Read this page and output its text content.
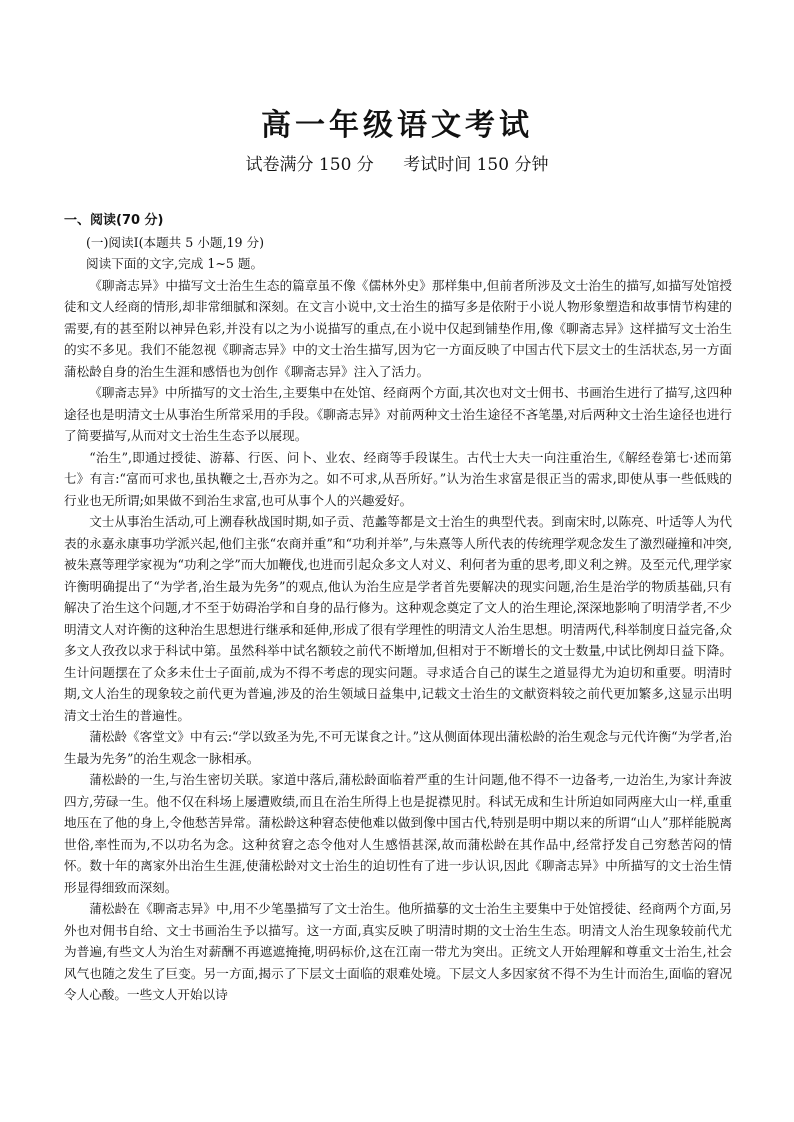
高一年级语文考试

试卷满分 150 分 考试时间 150 分钟

一、阅读(70 分)

(一)阅读Ⅰ(本题共 5 小题,19 分)

阅读下面的文字,完成 1~5 题。

《聊斋志异》中描写文士治生生态的篇章虽不像《儒林外史》那样集中,但前者所涉及文士治生的描写,如描写处馆授徒和文人经商的情形,却非常细腻和深刻。在文言小说中,文士治生的描写多是依附于小说人物形象塑造和故事情节构建的需要,有的甚至附以神异色彩,并没有以之为小说描写的重点,在小说中仅起到铺垫作用,像《聊斋志异》这样描写文士治生的实不多见。我们不能忽视《聊斋志异》中的文士治生描写,因为它一方面反映了中国古代下层文士的生活状态,另一方面蒲松龄自身的治生生涯和感悟也为创作《聊斋志异》注入了活力。

《聊斋志异》中所描写的文士治生,主要集中在处馆、经商两个方面,其次也对文士佣书、书画治生进行了描写,这四种途径也是明清文士从事治生所常采用的手段。《聊斋志异》对前两种文士治生途径不吝笔墨,对后两种文士治生途径也进行了简要描写,从而对文士治生生态予以展现。

“治生”,即通过授徒、游幕、行医、问卜、业农、经商等手段谋生。古代士大夫一向注重治生,《解经卷第七·述而第七》有言:“富而可求也,虽执鞭之士,吾亦为之。如不可求,从吾所好。”认为治生求富是很正当的需求,即使从事一些低贱的行业也无所谓;如果做不到治生求富,也可从事个人的兴趣爱好。

文士从事治生活动,可上溯春秋战国时期,如子贡、范蠡等都是文士治生的典型代表。到南宋时,以陈亮、叶适等人为代表的永嘉永康事功学派兴起,他们主张“农商并重”和“功利并举”,与朱熹等人所代表的传统理学观念发生了激烈碰撞和冲突,被朱熹等理学家视为“功利之学”而大加鞭伐,也进而引起众多文人对义、利何者为重的思考,即义利之辨。及至元代,理学家许衡明确提出了“为学者,治生最为先务”的观点,他认为治生应是学者首先要解决的现实问题,治生是治学的物质基础,只有解决了治生这个问题,才不至于妨碍治学和自身的品行修为。这种观念奠定了文人的治生理论,深深地影响了明清学者,不少明清文人对许衡的这种治生思想进行继承和延伸,形成了很有学理性的明清文人治生思想。明清两代,科举制度日益完备,众多文人孜孜以求于科试中第。虽然科举中试名额较之前代不断增加,但相对于不断增长的文士数量,中试比例却日益下降。生计问题摆在了众多未仕士子面前,成为不得不考虑的现实问题。寻求适合自己的谋生之道显得尤为迫切和重要。明清时期,文人治生的现象较之前代更为普遍,涉及的治生领域日益集中,记载文士治生的文献资料较之前代更加繁多,这显示出明清文士治生的普遍性。

蒲松龄《客堂文》中有云:“学以致圣为先,不可无谋食之计。”这从侧面体现出蒲松龄的治生观念与元代许衡“为学者,治生最为先务”的治生观念一脉相承。

蒲松龄的一生,与治生密切关联。家道中落后,蒲松龄面临着严重的生计问题,他不得不一边备考,一边治生,为家计奔波四方,劳碌一生。他不仅在科场上屡遭败绩,而且在治生所得上也是捉襟见肘。科试无成和生计所迫如同两座大山一样,重重地压在了他的身上,令他愁苦异常。蒲松龄这种窘态使他难以做到像中国古代,特别是明中期以来的所谓“山人”那样能脱离世俗,率性而为,不以功名为念。这种贫窘之态令他对人生感悟甚深,故而蒲松龄在其作品中,经常抒发自己穷愁苦闷的情怀。数十年的离家外出治生生涯,使蒲松龄对文士治生的迫切性有了进一步认识,因此《聊斋志异》中所描写的文士治生情形显得细致而深刻。

蒲松龄在《聊斋志异》中,用不少笔墨描写了文士治生。他所描摹的文士治生主要集中于处馆授徒、经商两个方面,另外也对佣书自给、文士书画治生予以描写。这一方面,真实反映了明清时期的文士治生生态。明清文人治生现象较前代尤为普遍,有些文人为治生对薪酬不再遮遮掩掩,明码标价,这在江南一带尤为突出。正统文人开始理解和尊重文士治生,社会风气也随之发生了巨变。另一方面,揭示了下层文士面临的艰难处境。下层文人多因家贫不得不为生计而治生,面临的窘况令人心酸。一些文人开始以诗
